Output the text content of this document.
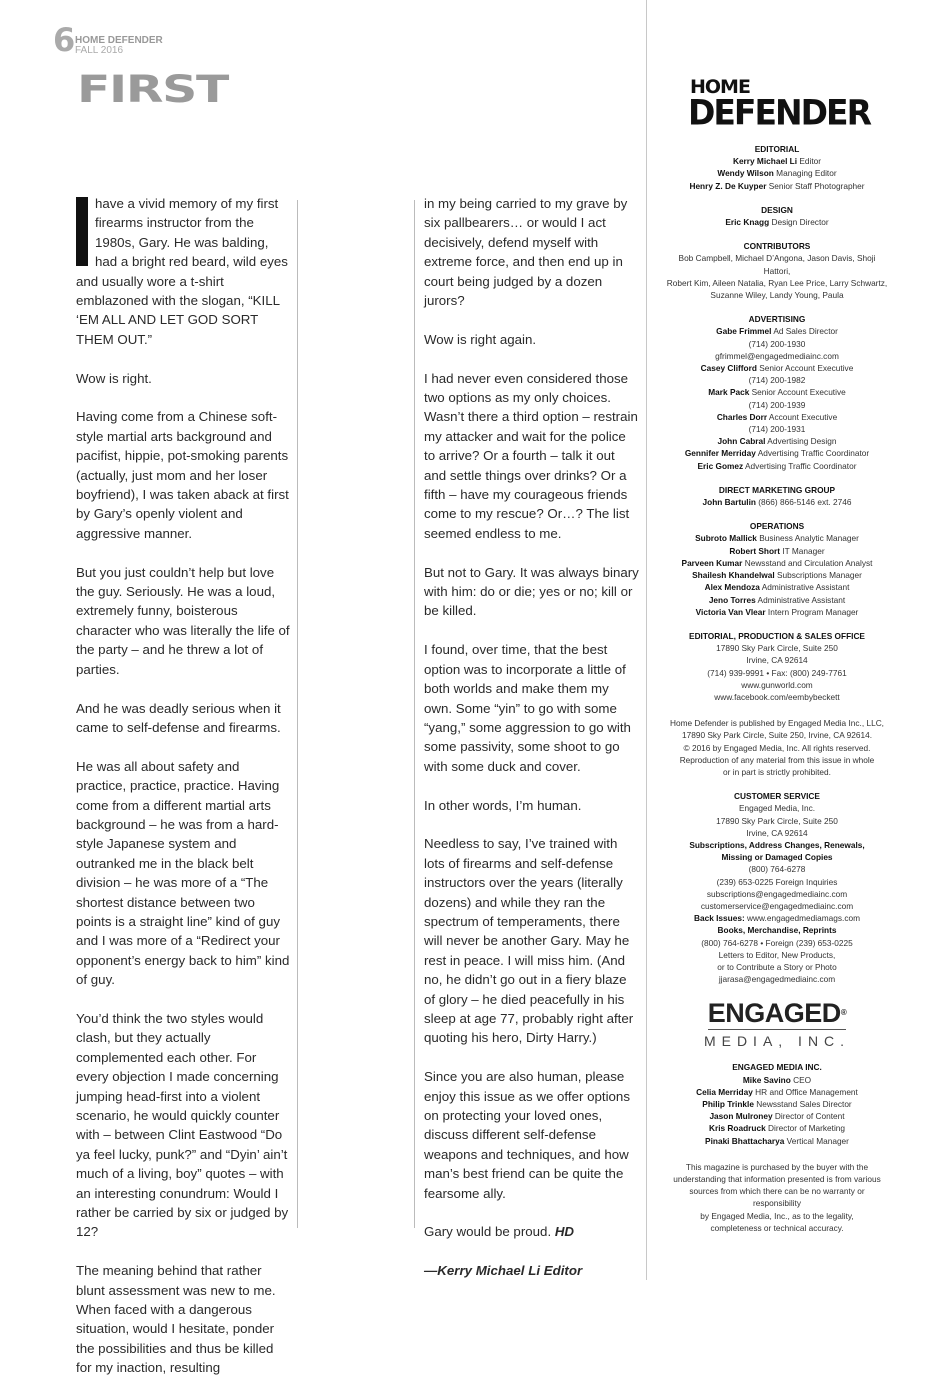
6 HOME DEFENDER
FALL 2016
FIRST

have a vivid memory of my first firearms instructor from the 1980s, Gary. He was balding, had a bright red beard, wild eyes and usually wore a t-shirt emblazoned with the slogan, “KILL ‘EM ALL AND LET GOD SORT THEM OUT.”

Wow is right.

Having come from a Chinese soft-style martial arts background and pacifist, hippie, pot-smoking parents (actually, just mom and her loser boyfriend), I was taken aback at first by Gary’s openly violent and aggressive manner.

But you just couldn’t help but love the guy. Seriously. He was a loud, extremely funny, boisterous character who was literally the life of the party – and he threw a lot of parties.

And he was deadly serious when it came to self-defense and firearms.

He was all about safety and practice, practice, practice. Having come from a different martial arts background – he was from a hard-style Japanese system and outranked me in the black belt division – he was more of a “The shortest distance between two points is a straight line” kind of guy and I was more of a “Redirect your opponent’s energy back to him” kind of guy.

You’d think the two styles would clash, but they actually complemented each other. For every objection I made concerning jumping head-first into a violent scenario, he would quickly counter with – between Clint Eastwood “Do ya feel lucky, punk?” and “Dyin’ ain’t much of a living, boy” quotes – with an interesting conundrum: Would I rather be carried by six or judged by 12?

The meaning behind that rather blunt assessment was new to me. When faced with a dangerous situation, would I hesitate, ponder the possibilities and thus be killed for my inaction, resulting

in my being carried to my grave by six pallbearers… or would I act decisively, defend myself with extreme force, and then end up in court being judged by a dozen jurors?

Wow is right again.

I had never even considered those two options as my only choices. Wasn’t there a third option – restrain my attacker and wait for the police to arrive? Or a fourth – talk it out and settle things over drinks? Or a fifth – have my courageous friends come to my rescue? Or…? The list seemed endless to me.

But not to Gary. It was always binary with him: do or die; yes or no; kill or be killed.

I found, over time, that the best option was to incorporate a little of both worlds and make them my own. Some “yin” to go with some “yang,” some aggression to go with some passivity, some shoot to go with some duck and cover.

In other words, I’m human.

Needless to say, I’ve trained with lots of firearms and self-defense instructors over the years (literally dozens) and while they ran the spectrum of temperaments, there will never be another Gary. May he rest in peace. I will miss him. (And no, he didn’t go out in a fiery blaze of glory – he died peacefully in his sleep at age 77, probably right after quoting his hero, Dirty Harry.)

Since you are also human, please enjoy this issue as we offer options on protecting your loved ones, discuss different self-defense weapons and techniques, and how man’s best friend can be quite the fearsome ally.

Gary would be proud. HD

—Kerry Michael Li Editor

HOME
DEFENDER
EDITORIAL
Kerry Michael Li Editor
Wendy Wilson Managing Editor
Henry Z. De Kuyper Senior Staff Photographer
DESIGN
Eric Knagg Design Director
CONTRIBUTORS
Bob Campbell, Michael D’Angona, Jason Davis, Shoji Hattori,
Robert Kim, Aileen Natalia, Ryan Lee Price, Larry Schwartz,
Suzanne Wiley, Landy Young, Paula
ADVERTISING
Gabe Frimmel Ad Sales Director
(714) 200-1930
gfrimmel@engagedmediainc.com
Casey Clifford Senior Account Executive
(714) 200-1982
Mark Pack Senior Account Executive
(714) 200-1939
Charles Dorr Account Executive
(714) 200-1931
John Cabral Advertising Design
Gennifer Merriday Advertising Traffic Coordinator
Eric Gomez Advertising Traffic Coordinator
DIRECT MARKETING GROUP
John Bartulin (866) 866-5146 ext. 2746
OPERATIONS
Subroto Mallick Business Analytic Manager
Robert Short IT Manager
Parveen Kumar Newsstand and Circulation Analyst
Shailesh Khandelwal Subscriptions Manager
Alex Mendoza Administrative Assistant
Jeno Torres Administrative Assistant
Victoria Van Vlear Intern Program Manager
EDITORIAL, PRODUCTION & SALES OFFICE
17890 Sky Park Circle, Suite 250
Irvine, CA 92614
(714) 939-9991 • Fax: (800) 249-7761
www.gunworld.com
www.facebook.com/eembybeckett
Home Defender is published by Engaged Media Inc., LLC,
17890 Sky Park Circle, Suite 250, Irvine, CA 92614.
© 2016 by Engaged Media, Inc. All rights reserved.
Reproduction of any material from this issue in whole
or in part is strictly prohibited.
CUSTOMER SERVICE
Engaged Media, Inc.
17890 Sky Park Circle, Suite 250
Irvine, CA 92614
Subscriptions, Address Changes, Renewals,
Missing or Damaged Copies
(800) 764-6278
(239) 653-0225 Foreign Inquiries
subscriptions@engagedmediainc.com
customerservice@engagedmediainc.com
Back Issues: www.engagedmediamags.com
Books, Merchandise, Reprints
(800) 764-6278 • Foreign (239) 653-0225
Letters to Editor, New Products,
or to Contribute a Story or Photo
jjarasa@engagedmediainc.com
ENGAGED®
MEDIA, INC.
ENGAGED MEDIA INC.
Mike Savino CEO
Celia Merriday HR and Office Management
Philip Trinkle Newsstand Sales Director
Jason Mulroney Director of Content
Kris Roadruck Director of Marketing
Pinaki Bhattacharya Vertical Manager
This magazine is purchased by the buyer with the
understanding that information presented is from various
sources from which there can be no warranty or responsibility
by Engaged Media, Inc., as to the legality,
completeness or technical accuracy.
